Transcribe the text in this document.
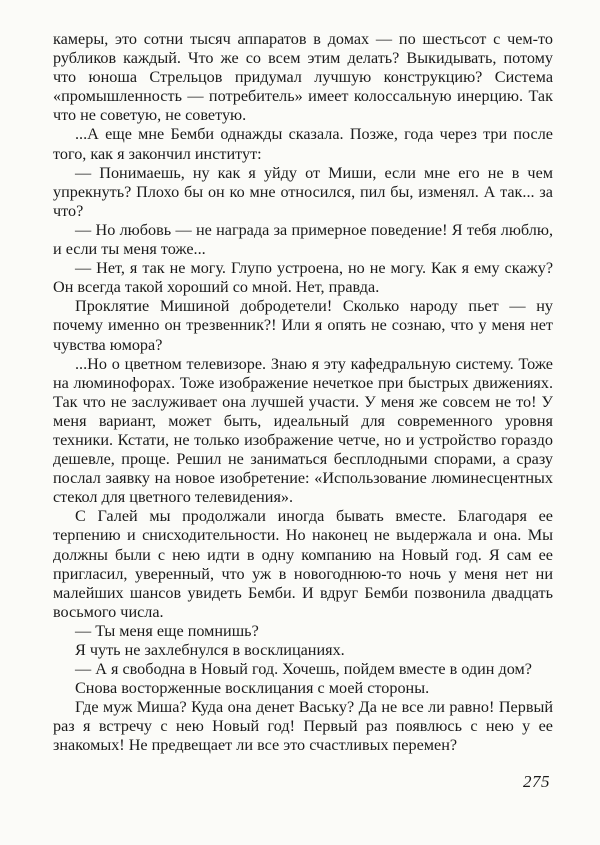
камеры, это сотни тысяч аппаратов в домах — по шестьсот с чем-то рубликов каждый. Что же со всем этим делать? Выкидывать, потому что юноша Стрельцов придумал лучшую конструкцию? Система «промышленность — потребитель» имеет колоссальную инерцию. Так что не советую, не советую.

...А еще мне Бемби однажды сказала. Позже, года через три после того, как я закончил институт:

— Понимаешь, ну как я уйду от Миши, если мне его не в чем упрекнуть? Плохо бы он ко мне относился, пил бы, изменял. А так... за что?

— Но любовь — не награда за примерное поведение! Я тебя люблю, и если ты меня тоже...

— Нет, я так не могу. Глупо устроена, но не могу. Как я ему скажу? Он всегда такой хороший со мной. Нет, правда.

Проклятие Мишиной добродетели! Сколько народу пьет — ну почему именно он трезвенник?! Или я опять не сознаю, что у меня нет чувства юмора?

...Но о цветном телевизоре. Знаю я эту кафедральную систему. Тоже на люминофорах. Тоже изображение нечеткое при быстрых движениях. Так что не заслуживает она лучшей участи. У меня же совсем не то! У меня вариант, может быть, идеальный для современного уровня техники. Кстати, не только изображение четче, но и устройство гораздо дешевле, проще. Решил не заниматься бесплодными спорами, а сразу послал заявку на новое изобретение: «Использование люминесцентных стекол для цветного телевидения».

С Галей мы продолжали иногда бывать вместе. Благодаря ее терпению и снисходительности. Но наконец не выдержала и она. Мы должны были с нею идти в одну компанию на Новый год. Я сам ее пригласил, уверенный, что уж в новогоднюю-то ночь у меня нет ни малейших шансов увидеть Бемби. И вдруг Бемби позвонила двадцать восьмого числа.

— Ты меня еще помнишь?

Я чуть не захлебнулся в восклицаниях.

— А я свободна в Новый год. Хочешь, пойдем вместе в один дом?

Снова восторженные восклицания с моей стороны.

Где муж Миша? Куда она денет Ваську? Да не все ли равно! Первый раз я встречу с нею Новый год! Первый раз появлюсь с нею у ее знакомых! Не предвещает ли все это счастливых перемен?

275
